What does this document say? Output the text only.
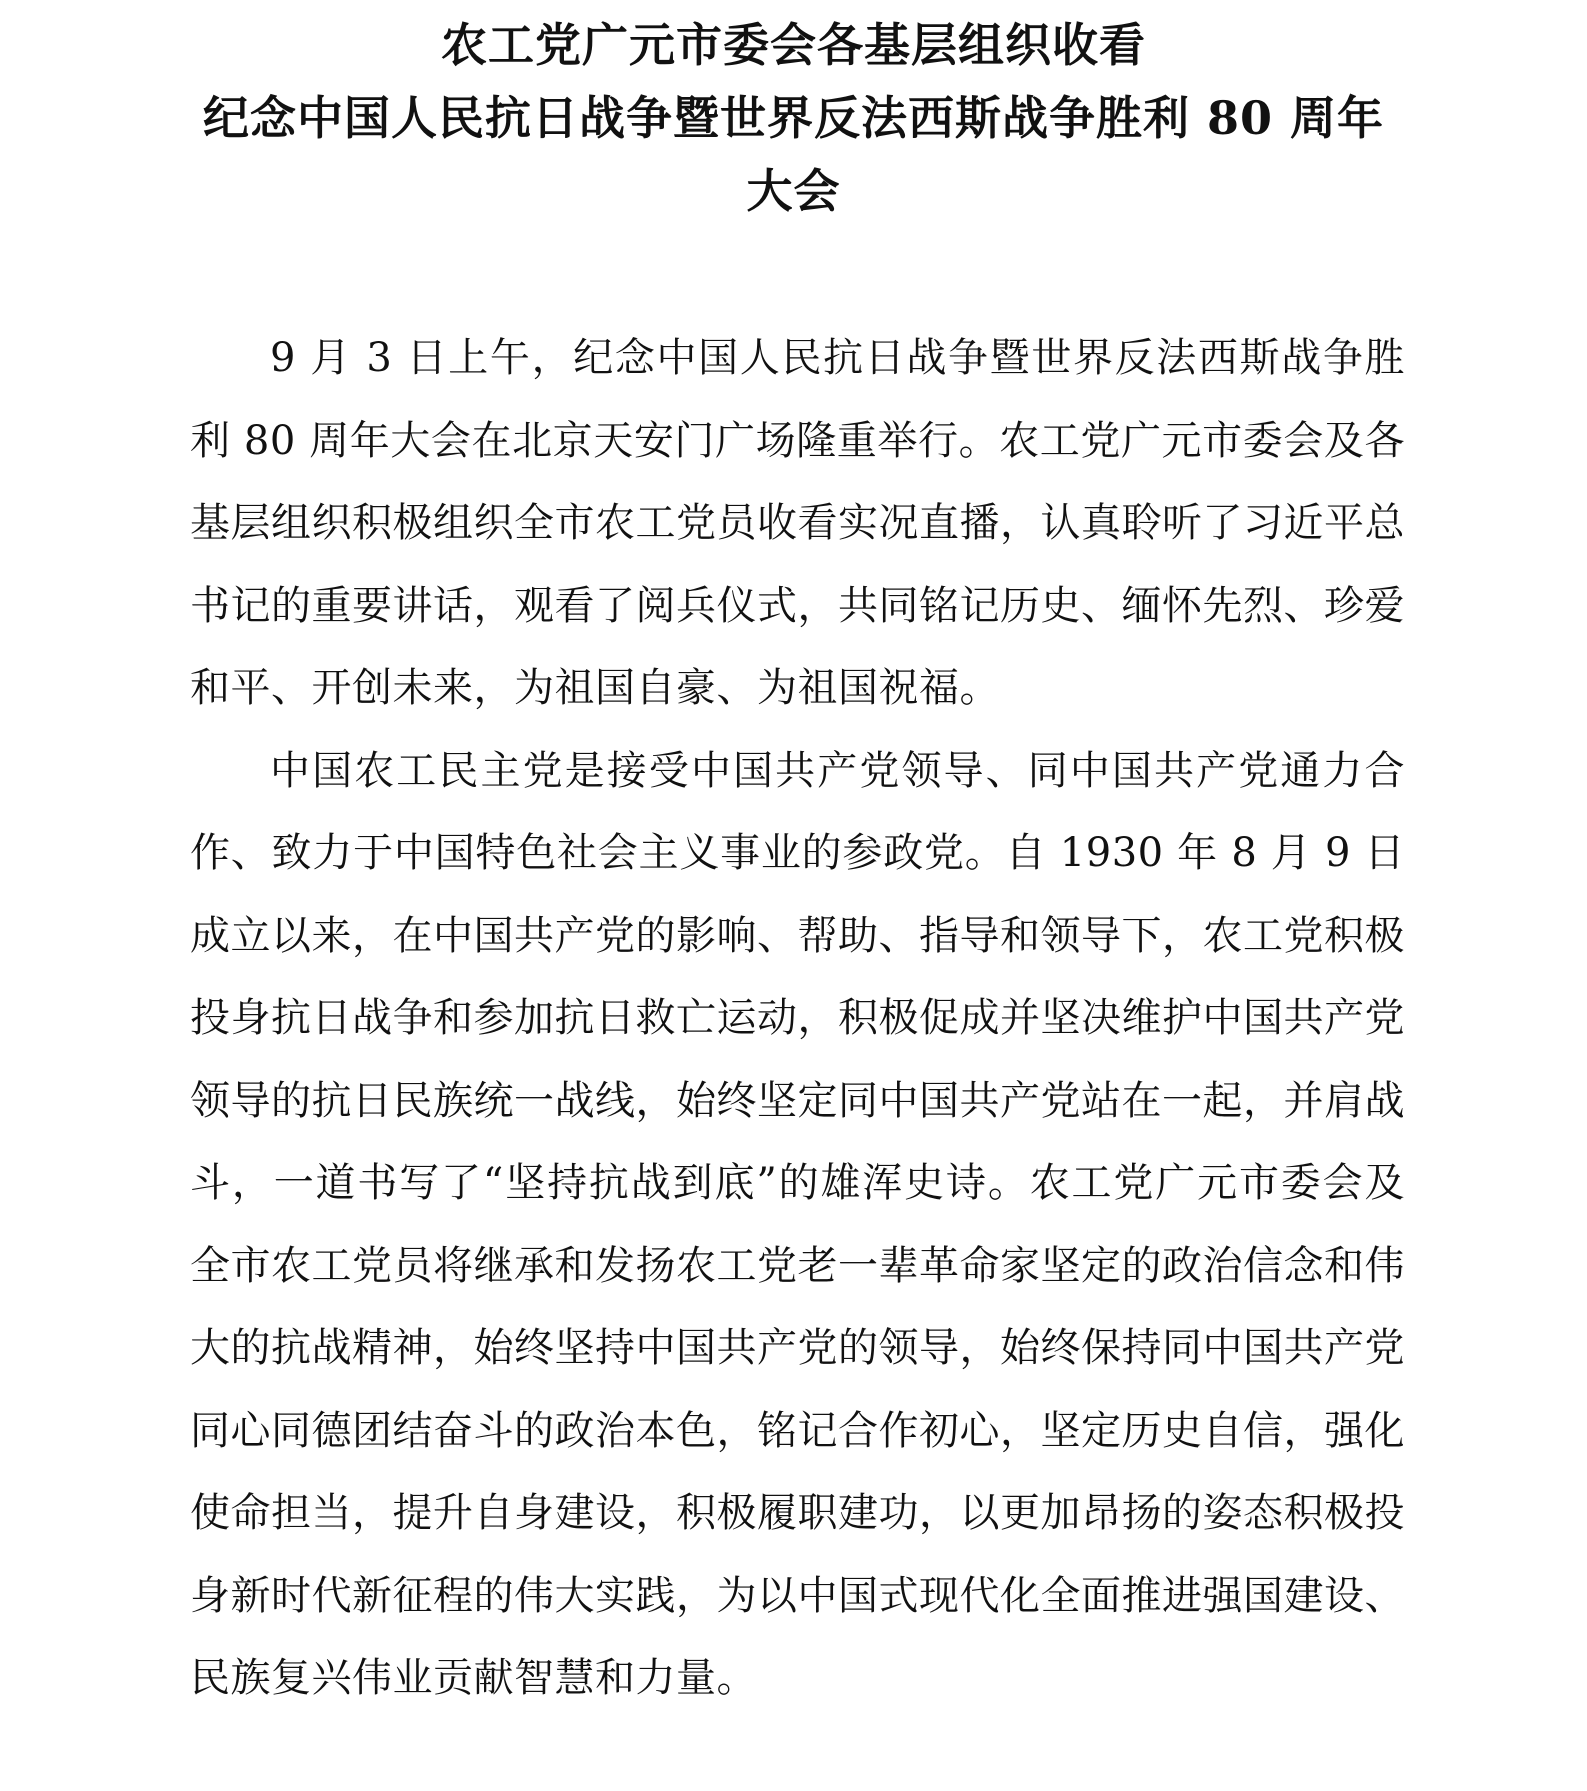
农工党广元市委会各基层组织收看
纪念中国人民抗日战争暨世界反法西斯战争胜利 80 周年
大会

9 月 3 日上午，纪念中国人民抗日战争暨世界反法西斯战争胜利 80 周年大会在北京天安门广场隆重举行。农工党广元市委会及各基层组织积极组织全市农工党员收看实况直播，认真聆听了习近平总书记的重要讲话，观看了阅兵仪式，共同铭记历史、缅怀先烈、珍爱和平、开创未来，为祖国自豪、为祖国祝福。

中国农工民主党是接受中国共产党领导、同中国共产党通力合作、致力于中国特色社会主义事业的参政党。自 1930 年 8 月 9 日成立以来，在中国共产党的影响、帮助、指导和领导下，农工党积极投身抗日战争和参加抗日救亡运动，积极促成并坚决维护中国共产党领导的抗日民族统一战线，始终坚定同中国共产党站在一起，并肩战斗，一道书写了“坚持抗战到底”的雄浑史诗。农工党广元市委会及全市农工党员将继承和发扬农工党老一辈革命家坚定的政治信念和伟大的抗战精神，始终坚持中国共产党的领导，始终保持同中国共产党同心同德团结奋斗的政治本色，铭记合作初心，坚定历史自信，强化使命担当，提升自身建设，积极履职建功，以更加昂扬的姿态积极投身新时代新征程的伟大实践，为以中国式现代化全面推进强国建设、民族复兴伟业贡献智慧和力量。
